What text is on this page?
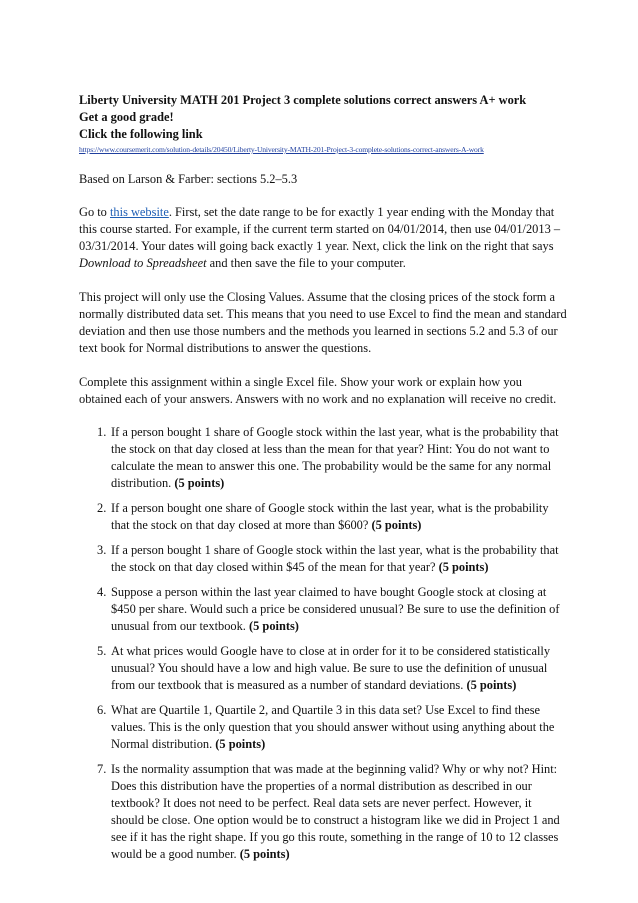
Liberty University MATH 201 Project 3 complete solutions correct answers A+ work
Get a good grade!
Click the following link
https://www.coursemerit.com/solution-details/20450/Liberty-University-MATH-201-Project-3-complete-solutions-correct-answers-A-work

Based on Larson & Farber: sections 5.2–5.3

Go to this website. First, set the date range to be for exactly 1 year ending with the Monday that this course started. For example, if the current term started on 04/01/2014, then use 04/01/2013 – 03/31/2014. Your dates will going back exactly 1 year. Next, click the link on the right that says Download to Spreadsheet and then save the file to your computer.

This project will only use the Closing Values. Assume that the closing prices of the stock form a normally distributed data set. This means that you need to use Excel to find the mean and standard deviation and then use those numbers and the methods you learned in sections 5.2 and 5.3 of our text book for Normal distributions to answer the questions.

Complete this assignment within a single Excel file. Show your work or explain how you obtained each of your answers. Answers with no work and no explanation will receive no credit.

1. If a person bought 1 share of Google stock within the last year, what is the probability that the stock on that day closed at less than the mean for that year? Hint: You do not want to calculate the mean to answer this one. The probability would be the same for any normal distribution. (5 points)
2. If a person bought one share of Google stock within the last year, what is the probability that the stock on that day closed at more than $600? (5 points)
3. If a person bought 1 share of Google stock within the last year, what is the probability that the stock on that day closed within $45 of the mean for that year? (5 points)
4. Suppose a person within the last year claimed to have bought Google stock at closing at $450 per share. Would such a price be considered unusual? Be sure to use the definition of unusual from our textbook. (5 points)
5. At what prices would Google have to close at in order for it to be considered statistically unusual? You should have a low and high value. Be sure to use the definition of unusual from our textbook that is measured as a number of standard deviations. (5 points)
6. What are Quartile 1, Quartile 2, and Quartile 3 in this data set? Use Excel to find these values. This is the only question that you should answer without using anything about the Normal distribution. (5 points)
7. Is the normality assumption that was made at the beginning valid? Why or why not? Hint: Does this distribution have the properties of a normal distribution as described in our textbook? It does not need to be perfect. Real data sets are never perfect. However, it should be close. One option would be to construct a histogram like we did in Project 1 and see if it has the right shape. If you go this route, something in the range of 10 to 12 classes would be a good number. (5 points)
